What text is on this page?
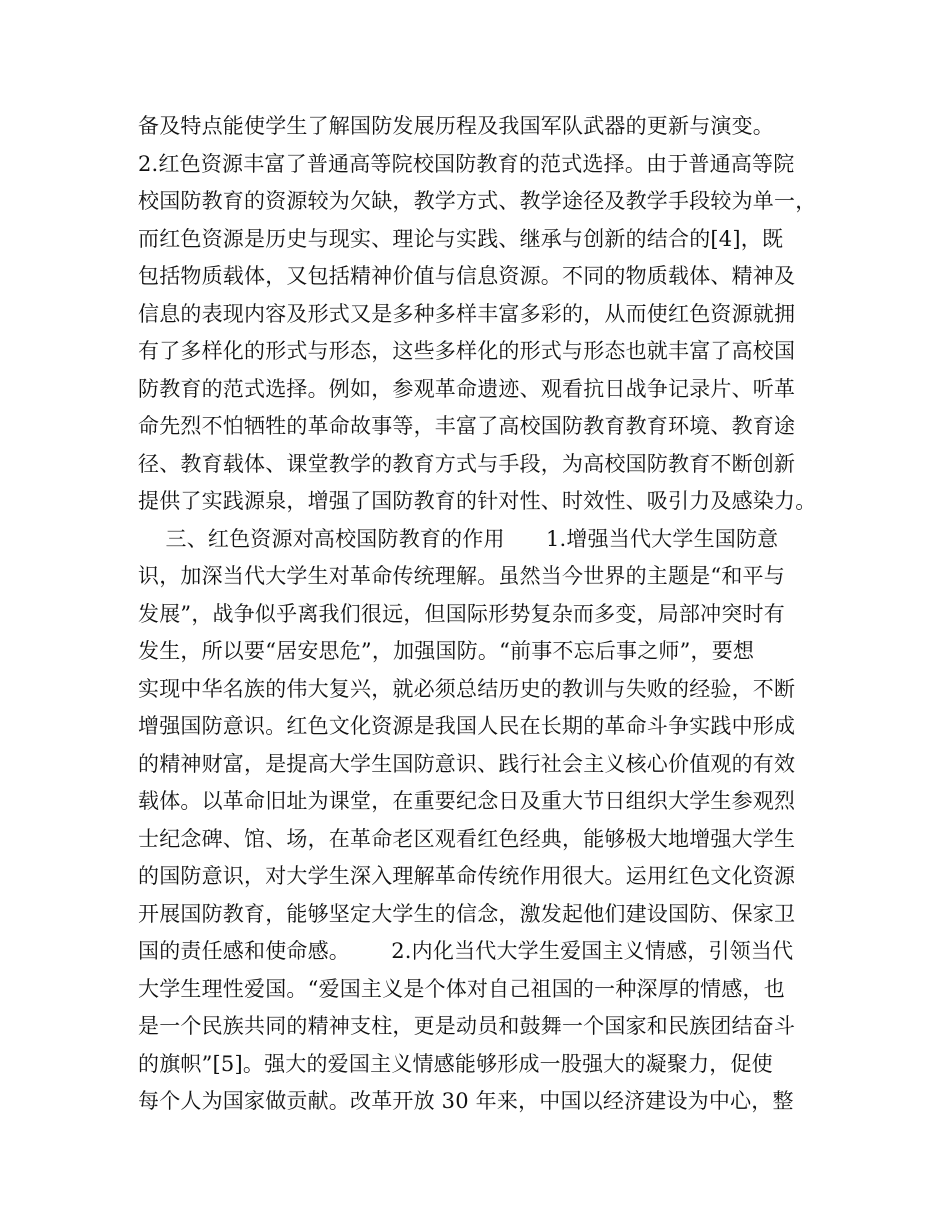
备及特点能使学生了解国防发展历程及我国军队武器的更新与演变。
2.红色资源丰富了普通高等院校国防教育的范式选择。由于普通高等院
校国防教育的资源较为欠缺，教学方式、教学途径及教学手段较为单一，
而红色资源是历史与现实、理论与实践、继承与创新的结合的[4]，既
包括物质载体，又包括精神价值与信息资源。不同的物质载体、精神及
信息的表现内容及形式又是多种多样丰富多彩的，从而使红色资源就拥
有了多样化的形式与形态，这些多样化的形式与形态也就丰富了高校国
防教育的范式选择。例如，参观革命遗迹、观看抗日战争记录片、听革
命先烈不怕牺牲的革命故事等，丰富了高校国防教育教育环境、教育途
径、教育载体、课堂教学的教育方式与手段，为高校国防教育不断创新
提供了实践源泉，增强了国防教育的针对性、时效性、吸引力及感染力。
三、红色资源对高校国防教育的作用      1.增强当代大学生国防意
识，加深当代大学生对革命传统理解。虽然当今世界的主题是“和平与
发展”，战争似乎离我们很远，但国际形势复杂而多变，局部冲突时有
发生，所以要“居安思危”，加强国防。“前事不忘后事之师”，要想
实现中华名族的伟大复兴，就必须总结历史的教训与失败的经验，不断
增强国防意识。红色文化资源是我国人民在长期的革命斗争实践中形成
的精神财富，是提高大学生国防意识、践行社会主义核心价值观的有效
载体。以革命旧址为课堂，在重要纪念日及重大节日组织大学生参观烈
士纪念碑、馆、场，在革命老区观看红色经典，能够极大地增强大学生
的国防意识，对大学生深入理解革命传统作用很大。运用红色文化资源
开展国防教育，能够坚定大学生的信念，激发起他们建设国防、保家卫
国的责任感和使命感。      2.内化当代大学生爱国主义情感，引领当代
大学生理性爱国。“爱国主义是个体对自己祖国的一种深厚的情感，也
是一个民族共同的精神支柱，更是动员和鼓舞一个国家和民族团结奋斗
的旗帜”[5]。强大的爱国主义情感能够形成一股强大的凝聚力，促使
每个人为国家做贡献。改革开放 30 年来，中国以经济建设为中心，整
